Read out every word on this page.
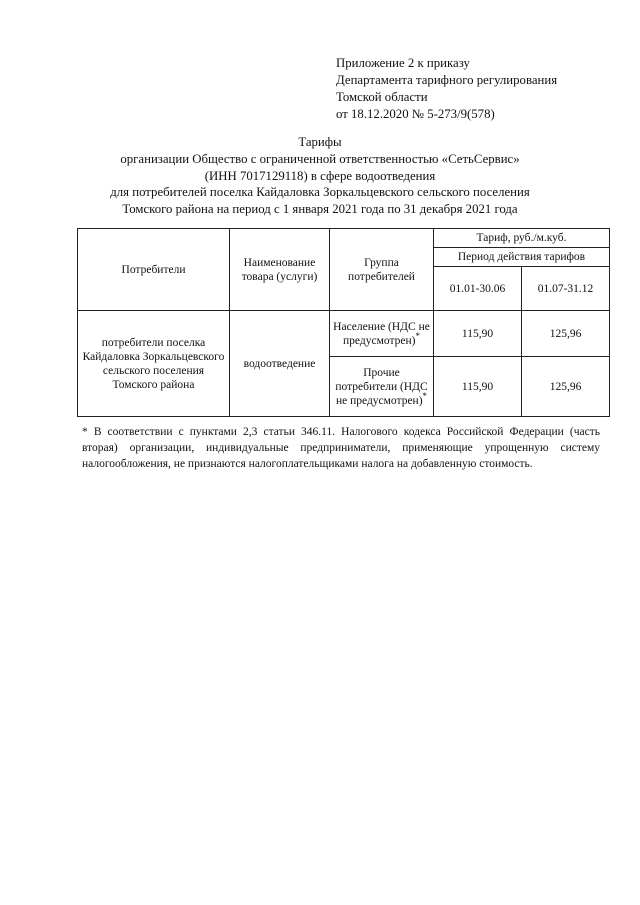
Приложение 2 к приказу
Департамента тарифного регулирования
Томской области
от 18.12.2020 № 5-273/9(578)
Тарифы
организации Общество с ограниченной ответственностью «СетьСервис»
(ИНН 7017129118) в сфере водоотведения
для потребителей поселка Кайдаловка Зоркальцевского сельского поселения
Томского района на период с 1 января 2021 года по 31 декабря 2021 года
Потребители	Наименование товара (услуги)	Группа потребителей	Тариф, руб./м.куб.	
			Период действия тарифов	
			01.01-30.06	01.07-31.12
потребители поселка Кайдаловка Зоркальцевского сельского поселения Томского района	водоотведение	Население (НДС не предусмотрен)*	115,90	125,96
		Прочие потребители (НДС не предусмотрен)*	115,90	125,96
* В соответствии с пунктами 2,3 статьи 346.11. Налогового кодекса Российской Федерации (часть вторая) организации, индивидуальные предприниматели, применяющие упрощенную систему налогообложения, не признаются налогоплательщиками налога на добавленную стоимость.
